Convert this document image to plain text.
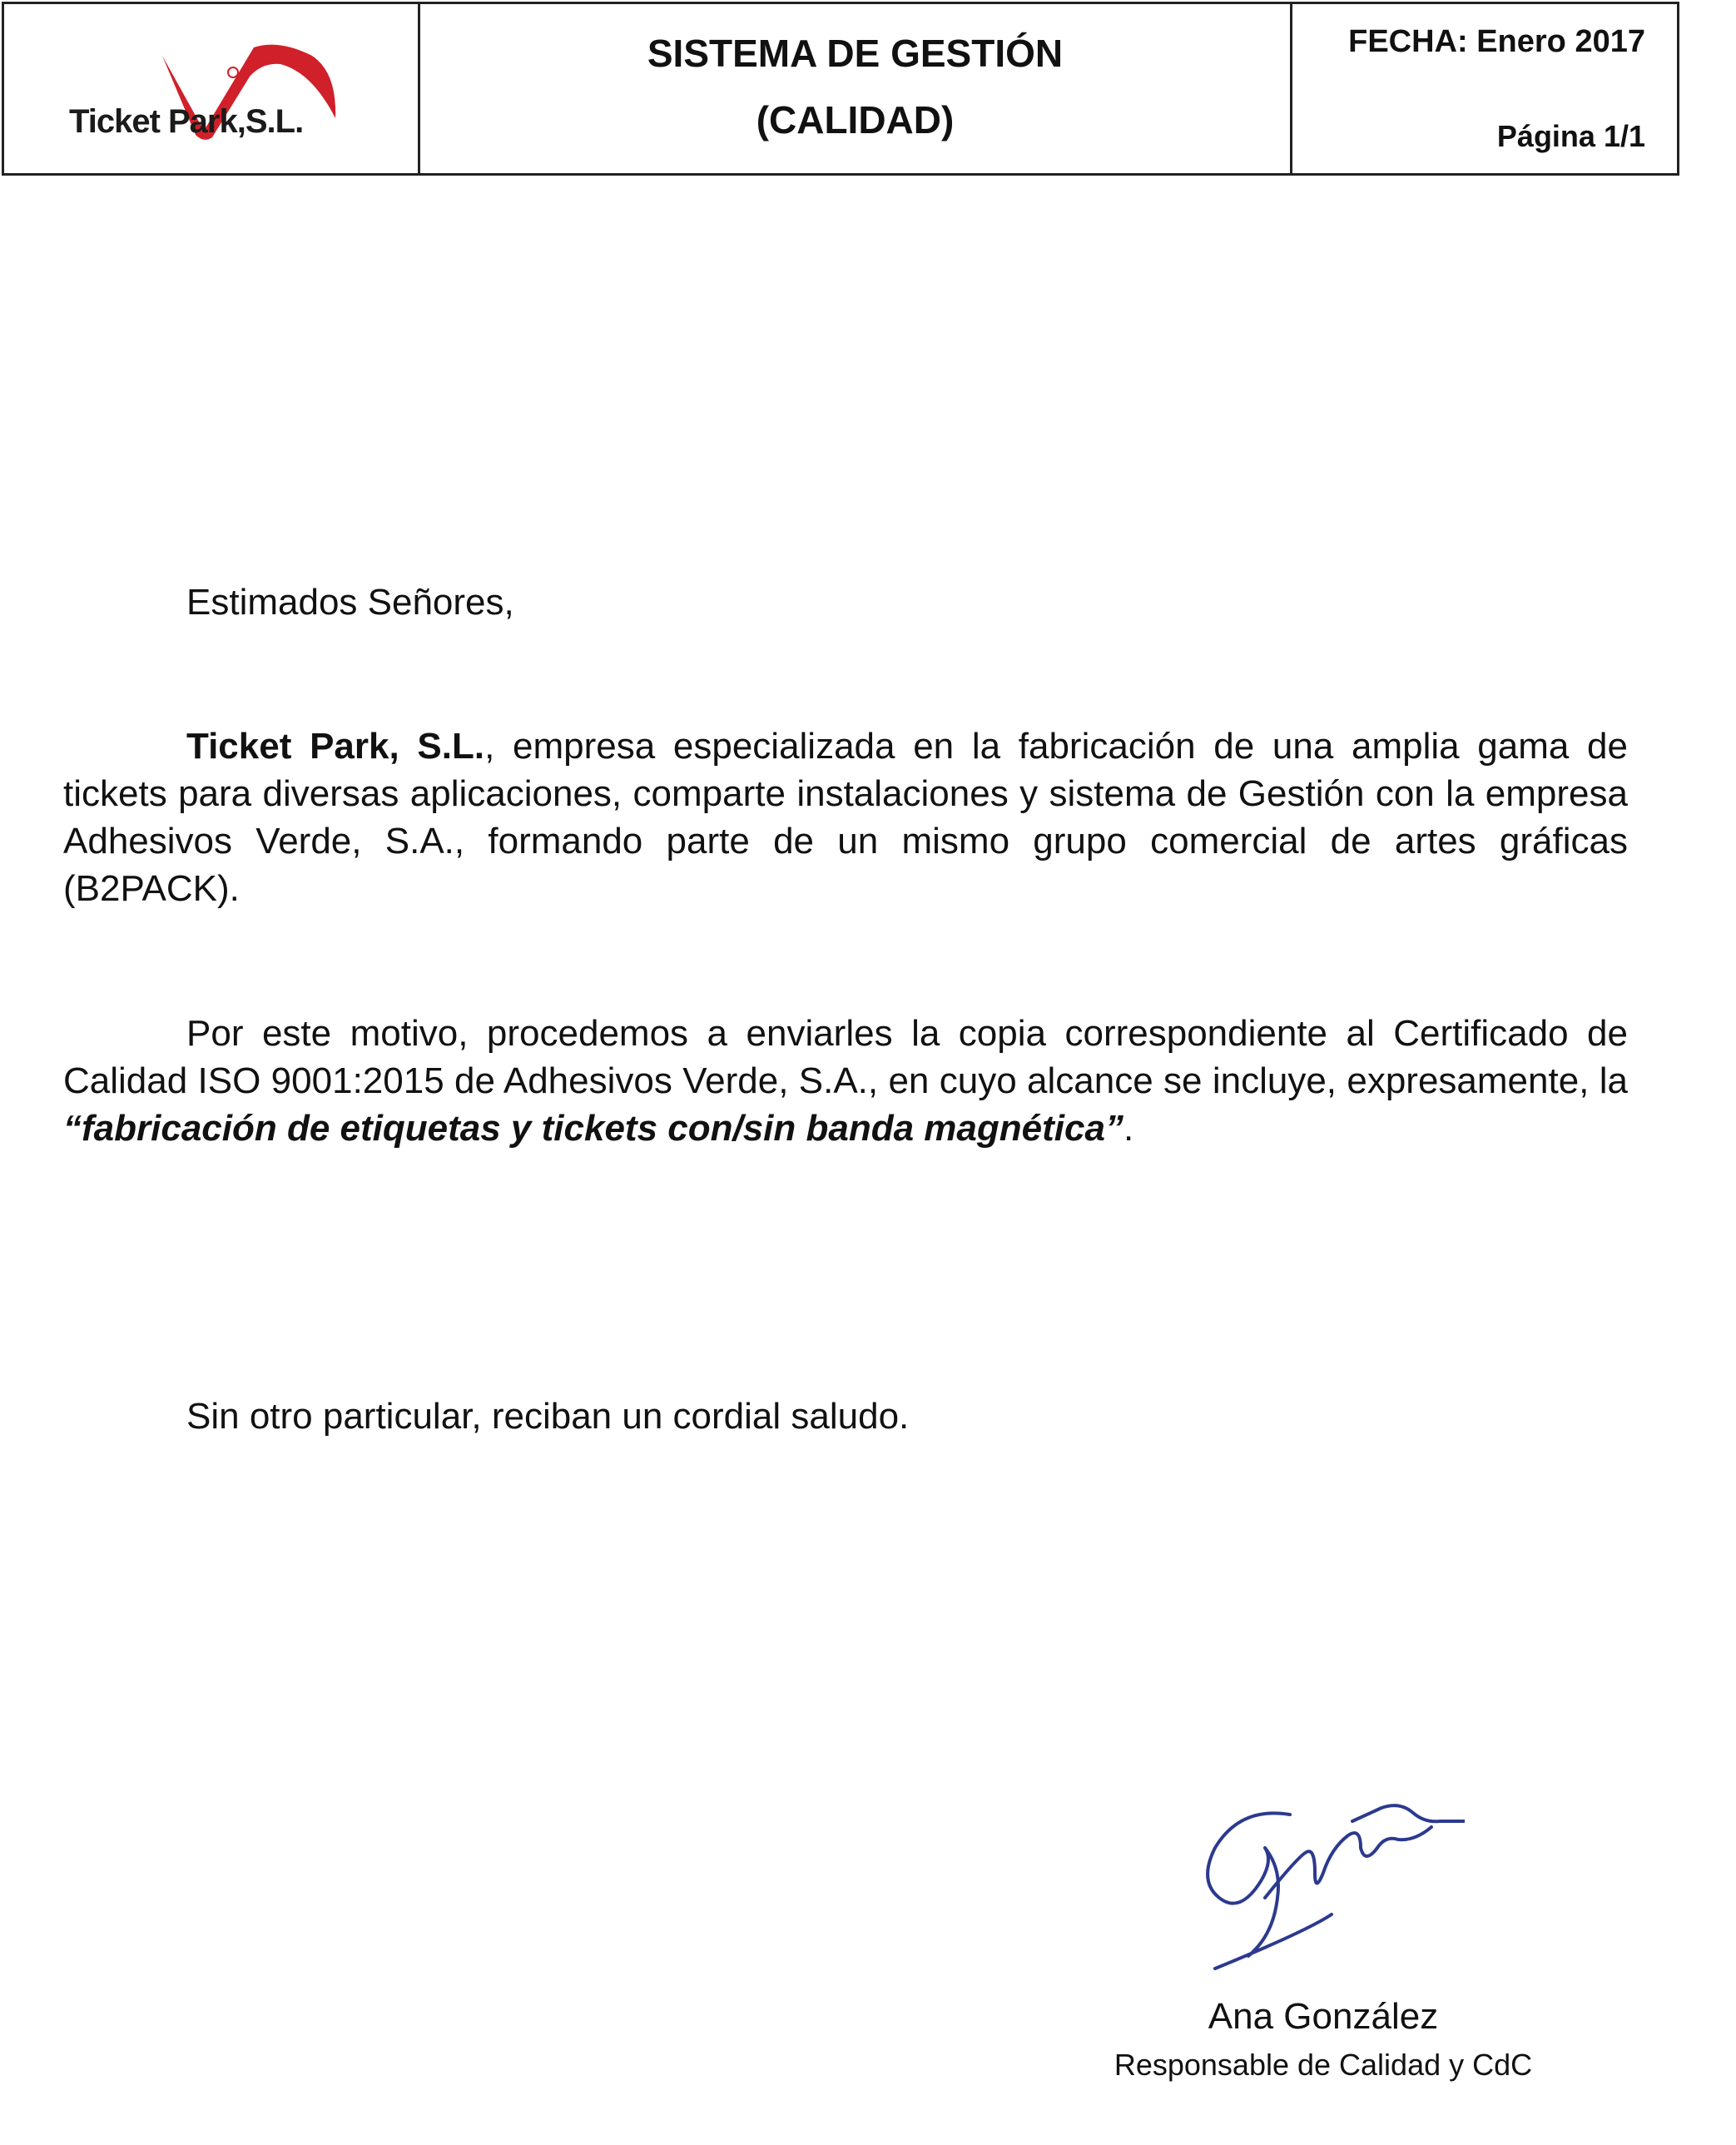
Ticket Park,S.L.
SISTEMA DE GESTIÓN
(CALIDAD)
FECHA: Enero 2017
Página 1/1
Estimados Señores,
Ticket Park, S.L., empresa especializada en la fabricación de una amplia gama de tickets para diversas aplicaciones, comparte instalaciones y sistema de Gestión con la empresa Adhesivos Verde, S.A., formando parte de un mismo grupo comercial de artes gráficas (B2PACK).
Por este motivo, procedemos a enviarles la copia correspondiente al Certificado de Calidad ISO 9001:2015 de Adhesivos Verde, S.A., en cuyo alcance se incluye, expresamente, la “fabricación de etiquetas y tickets con/sin banda magnética”.
Sin otro particular, reciban un cordial saludo.
Ana González
Responsable de Calidad y CdC
